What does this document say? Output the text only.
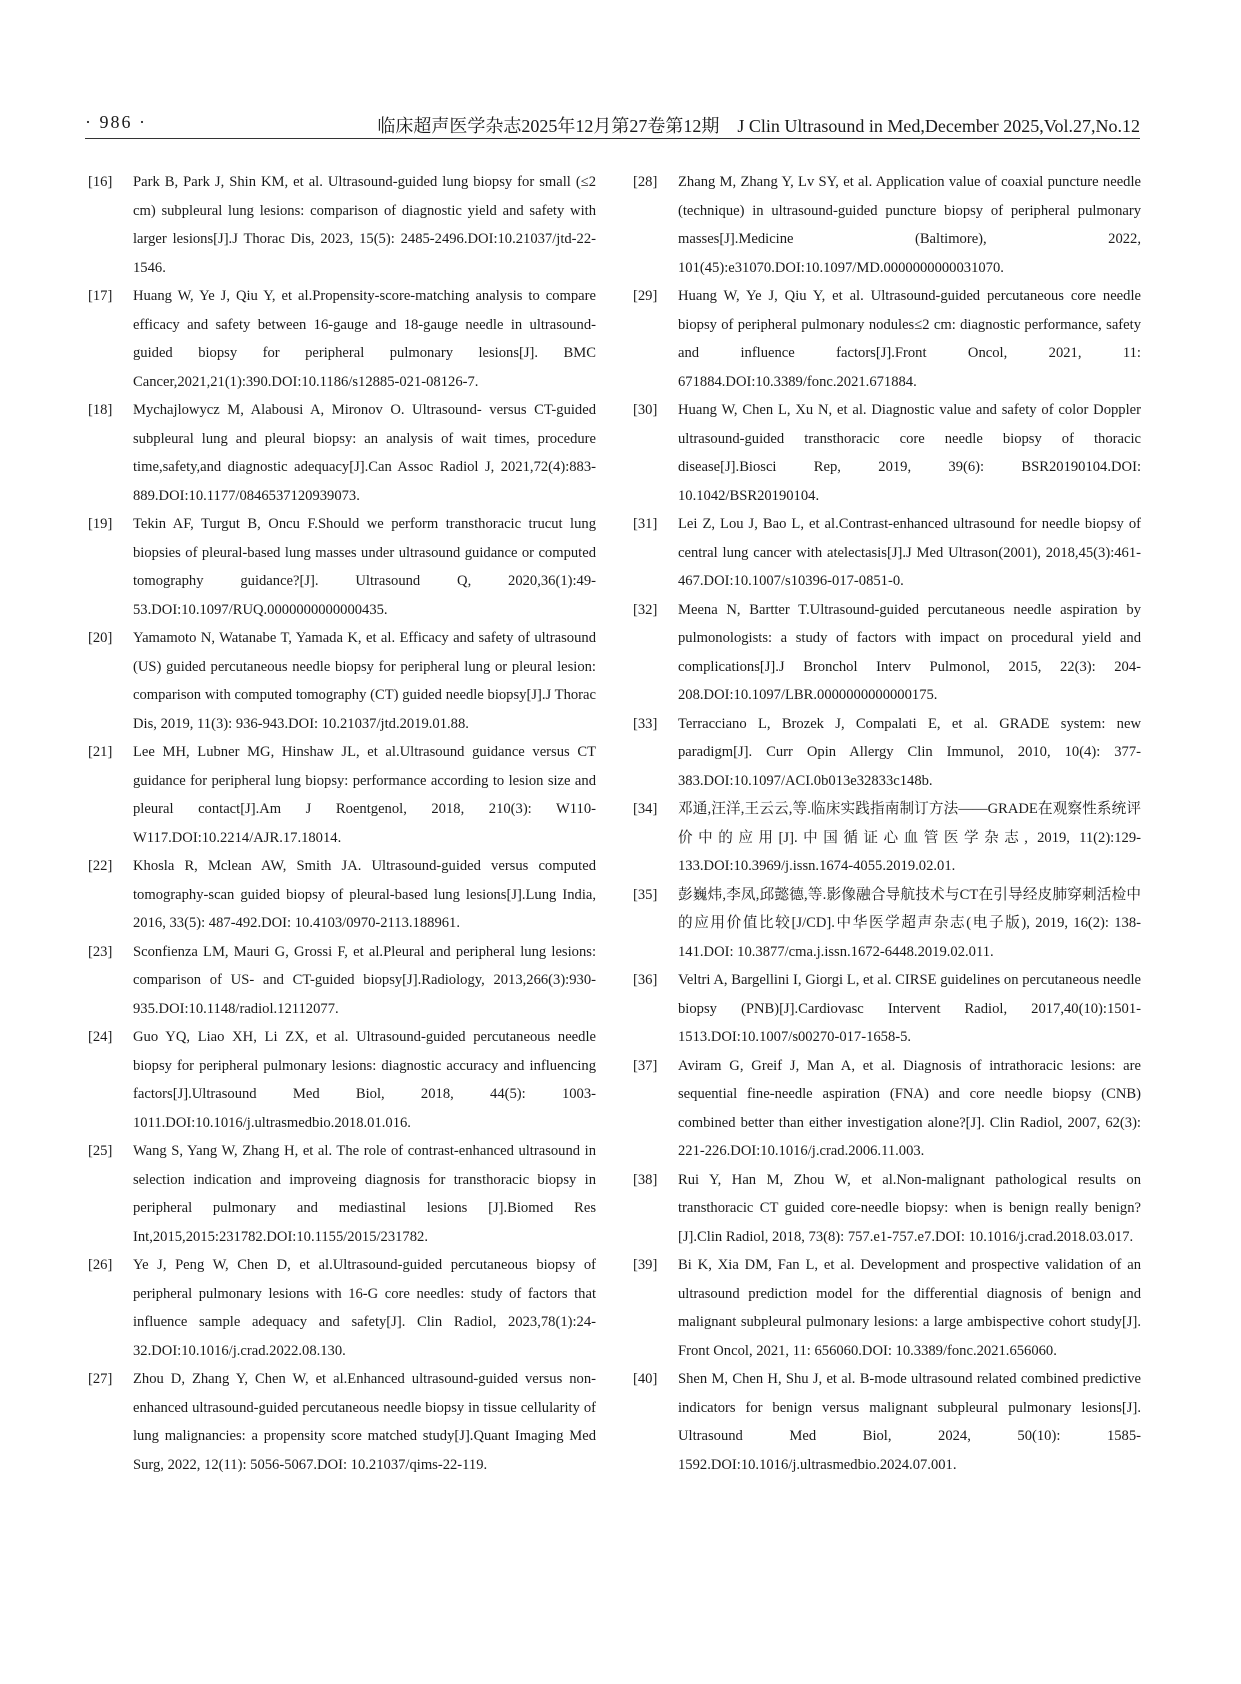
· 986 ·	临床超声医学杂志2025年12月第27卷第12期　J Clin Ultrasound in Med,December 2025,Vol.27,No.12
[16]	Park B, Park J, Shin KM, et al. Ultrasound-guided lung biopsy for small (≤2 cm) subpleural lung lesions: comparison of diagnostic yield and safety with larger lesions[J].J Thorac Dis, 2023, 15(5): 2485-2496.DOI:10.21037/jtd-22-1546.
[17]	Huang W, Ye J, Qiu Y, et al.Propensity-score-matching analysis to compare efficacy and safety between 16-gauge and 18-gauge needle in ultrasound-guided biopsy for peripheral pulmonary lesions[J]. BMC Cancer,2021,21(1):390.DOI:10.1186/s12885-021-08126-7.
[18]	Mychajlowycz M, Alabousi A, Mironov O. Ultrasound- versus CT-guided subpleural lung and pleural biopsy: an analysis of wait times, procedure time,safety,and diagnostic adequacy[J].Can Assoc Radiol J, 2021,72(4):883-889.DOI:10.1177/0846537120939073.
[19]	Tekin AF, Turgut B, Oncu F.Should we perform transthoracic trucut lung biopsies of pleural-based lung masses under ultrasound guidance or computed tomography guidance?[J]. Ultrasound Q, 2020,36(1):49-53.DOI:10.1097/RUQ.0000000000000435.
[20]	Yamamoto N, Watanabe T, Yamada K, et al. Efficacy and safety of ultrasound (US) guided percutaneous needle biopsy for peripheral lung or pleural lesion: comparison with computed tomography (CT) guided needle biopsy[J].J Thorac Dis, 2019, 11(3): 936-943.DOI: 10.21037/jtd.2019.01.88.
[21]	Lee MH, Lubner MG, Hinshaw JL, et al.Ultrasound guidance versus CT guidance for peripheral lung biopsy: performance according to lesion size and pleural contact[J].Am J Roentgenol, 2018, 210(3): W110-W117.DOI:10.2214/AJR.17.18014.
[22]	Khosla R, Mclean AW, Smith JA. Ultrasound-guided versus computed tomography-scan guided biopsy of pleural-based lung lesions[J].Lung India, 2016, 33(5): 487-492.DOI: 10.4103/0970-2113.188961.
[23]	Sconfienza LM, Mauri G, Grossi F, et al.Pleural and peripheral lung lesions: comparison of US- and CT-guided biopsy[J].Radiology, 2013,266(3):930-935.DOI:10.1148/radiol.12112077.
[24]	Guo YQ, Liao XH, Li ZX, et al. Ultrasound-guided percutaneous needle biopsy for peripheral pulmonary lesions: diagnostic accuracy and influencing factors[J].Ultrasound Med Biol, 2018, 44(5): 1003-1011.DOI:10.1016/j.ultrasmedbio.2018.01.016.
[25]	Wang S, Yang W, Zhang H, et al. The role of contrast-enhanced ultrasound in selection indication and improveing diagnosis for transthoracic biopsy in peripheral pulmonary and mediastinal lesions [J].Biomed Res Int,2015,2015:231782.DOI:10.1155/2015/231782.
[26]	Ye J, Peng W, Chen D, et al.Ultrasound-guided percutaneous biopsy of peripheral pulmonary lesions with 16-G core needles: study of factors that influence sample adequacy and safety[J]. Clin Radiol, 2023,78(1):24-32.DOI:10.1016/j.crad.2022.08.130.
[27]	Zhou D, Zhang Y, Chen W, et al.Enhanced ultrasound-guided versus non-enhanced ultrasound-guided percutaneous needle biopsy in tissue cellularity of lung malignancies: a propensity score matched study[J].Quant Imaging Med Surg, 2022, 12(11): 5056-5067.DOI: 10.21037/qims-22-119.
[28]	Zhang M, Zhang Y, Lv SY, et al. Application value of coaxial puncture needle (technique) in ultrasound-guided puncture biopsy of peripheral pulmonary masses[J].Medicine (Baltimore), 2022, 101(45):e31070.DOI:10.1097/MD.0000000000031070.
[29]	Huang W, Ye J, Qiu Y, et al. Ultrasound-guided percutaneous core needle biopsy of peripheral pulmonary nodules≤2 cm: diagnostic performance, safety and influence factors[J].Front Oncol, 2021, 11: 671884.DOI:10.3389/fonc.2021.671884.
[30]	Huang W, Chen L, Xu N, et al. Diagnostic value and safety of color Doppler ultrasound-guided transthoracic core needle biopsy of thoracic disease[J].Biosci Rep, 2019, 39(6): BSR20190104.DOI: 10.1042/BSR20190104.
[31]	Lei Z, Lou J, Bao L, et al.Contrast-enhanced ultrasound for needle biopsy of central lung cancer with atelectasis[J].J Med Ultrason(2001), 2018,45(3):461-467.DOI:10.1007/s10396-017-0851-0.
[32]	Meena N, Bartter T.Ultrasound-guided percutaneous needle aspiration by pulmonologists: a study of factors with impact on procedural yield and complications[J].J Bronchol Interv Pulmonol, 2015, 22(3): 204-208.DOI:10.1097/LBR.0000000000000175.
[33]	Terracciano L, Brozek J, Compalati E, et al. GRADE system: new paradigm[J]. Curr Opin Allergy Clin Immunol, 2010, 10(4): 377-383.DOI:10.1097/ACI.0b013e32833c148b.
[34]	邓通,汪洋,王云云,等.临床实践指南制订方法——GRADE在观察性系统评价中的应用[J].中国循证心血管医学杂志, 2019, 11(2):129-133.DOI:10.3969/j.issn.1674-4055.2019.02.01.
[35]	彭巍炜,李凤,邱懿德,等.影像融合导航技术与CT在引导经皮肺穿刺活检中的应用价值比较[J/CD].中华医学超声杂志(电子版), 2019, 16(2): 138-141.DOI: 10.3877/cma.j.issn.1672-6448.2019.02.011.
[36]	Veltri A, Bargellini I, Giorgi L, et al. CIRSE guidelines on percutaneous needle biopsy (PNB)[J].Cardiovasc Intervent Radiol, 2017,40(10):1501-1513.DOI:10.1007/s00270-017-1658-5.
[37]	Aviram G, Greif J, Man A, et al. Diagnosis of intrathoracic lesions: are sequential fine-needle aspiration (FNA) and core needle biopsy (CNB) combined better than either investigation alone?[J]. Clin Radiol, 2007, 62(3): 221-226.DOI:10.1016/j.crad.2006.11.003.
[38]	Rui Y, Han M, Zhou W, et al.Non-malignant pathological results on transthoracic CT guided core-needle biopsy: when is benign really benign?[J].Clin Radiol, 2018, 73(8): 757.e1-757.e7.DOI: 10.1016/j.crad.2018.03.017.
[39]	Bi K, Xia DM, Fan L, et al. Development and prospective validation of an ultrasound prediction model for the differential diagnosis of benign and malignant subpleural pulmonary lesions: a large ambispective cohort study[J]. Front Oncol, 2021, 11: 656060.DOI: 10.3389/fonc.2021.656060.
[40]	Shen M, Chen H, Shu J, et al. B-mode ultrasound related combined predictive indicators for benign versus malignant subpleural pulmonary lesions[J]. Ultrasound Med Biol, 2024, 50(10): 1585-1592.DOI:10.1016/j.ultrasmedbio.2024.07.001.
